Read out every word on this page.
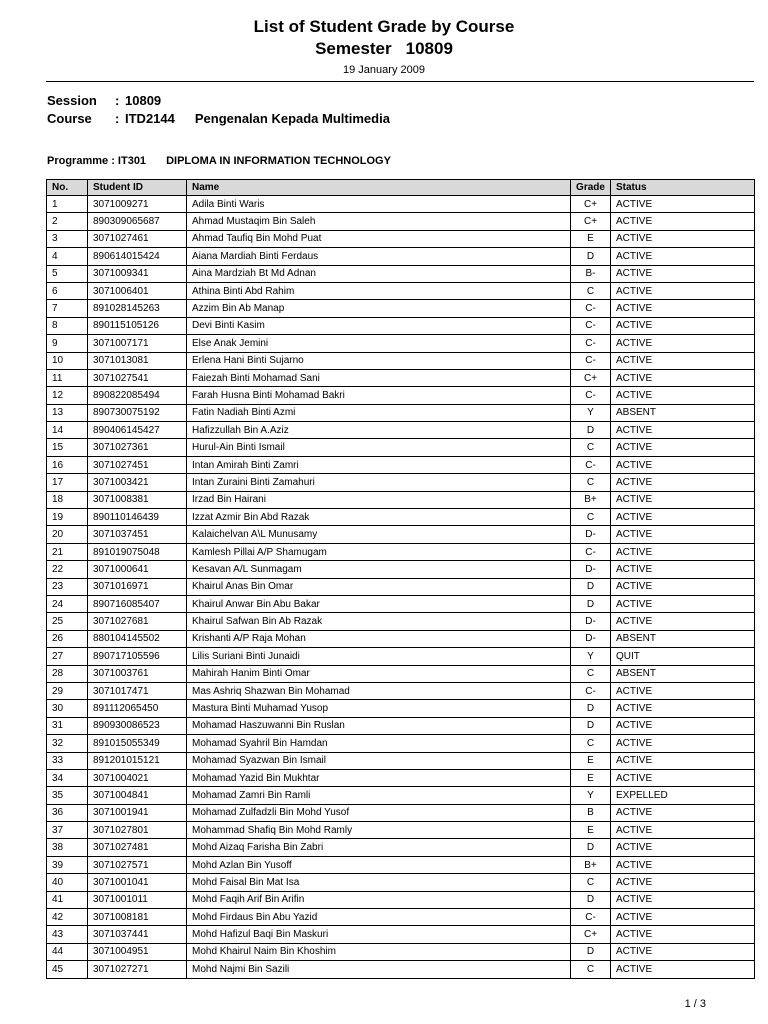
List of Student Grade by Course
Semester 10809
19 January 2009
Session : 10809
Course : ITD2144 Pengenalan Kepada Multimedia
Programme : IT301 DIPLOMA IN INFORMATION TECHNOLOGY
No.	Student ID	Name	Grade	Status
1	3071009271	Adila Binti Waris	C+	ACTIVE
2	890309065687	Ahmad Mustaqim Bin Saleh	C+	ACTIVE
3	3071027461	Ahmad Taufiq Bin Mohd Puat	E	ACTIVE
4	890614015424	Aiana Mardiah Binti Ferdaus	D	ACTIVE
5	3071009341	Aina Mardziah Bt Md Adnan	B-	ACTIVE
6	3071006401	Athina Binti Abd Rahim	C	ACTIVE
7	891028145263	Azzim Bin Ab Manap	C-	ACTIVE
8	890115105126	Devi Binti Kasim	C-	ACTIVE
9	3071007171	Else Anak Jemini	C-	ACTIVE
10	3071013081	Erlena Hani Binti Sujarno	C-	ACTIVE
11	3071027541	Faiezah Binti Mohamad Sani	C+	ACTIVE
12	890822085494	Farah Husna Binti Mohamad Bakri	C-	ACTIVE
13	890730075192	Fatin Nadiah Binti Azmi	Y	ABSENT
14	890406145427	Hafizzullah Bin A.Aziz	D	ACTIVE
15	3071027361	Hurul-Ain Binti Ismail	C	ACTIVE
16	3071027451	Intan Amirah Binti Zamri	C-	ACTIVE
17	3071003421	Intan Zuraini Binti Zamahuri	C	ACTIVE
18	3071008381	Irzad Bin Hairani	B+	ACTIVE
19	890110146439	Izzat Azmir Bin Abd Razak	C	ACTIVE
20	3071037451	Kalaichelvan A\L Munusamy	D-	ACTIVE
21	891019075048	Kamlesh Pillai A/P Shamugam	C-	ACTIVE
22	3071000641	Kesavan A/L Sunmagam	D-	ACTIVE
23	3071016971	Khairul Anas Bin Omar	D	ACTIVE
24	890716085407	Khairul Anwar Bin Abu Bakar	D	ACTIVE
25	3071027681	Khairul Safwan Bin Ab Razak	D-	ACTIVE
26	880104145502	Krishanti A/P Raja Mohan	D-	ABSENT
27	890717105596	Lilis Suriani Binti Junaidi	Y	QUIT
28	3071003761	Mahirah Hanim Binti Omar	C	ABSENT
29	3071017471	Mas Ashriq Shazwan Bin Mohamad	C-	ACTIVE
30	891112065450	Mastura Binti Muhamad Yusop	D	ACTIVE
31	890930086523	Mohamad Haszuwanni Bin Ruslan	D	ACTIVE
32	891015055349	Mohamad Syahril Bin Hamdan	C	ACTIVE
33	891201015121	Mohamad Syazwan Bin Ismail	E	ACTIVE
34	3071004021	Mohamad Yazid Bin Mukhtar	E	ACTIVE
35	3071004841	Mohamad Zamri Bin Ramli	Y	EXPELLED
36	3071001941	Mohamad Zulfadzli Bin Mohd Yusof	B	ACTIVE
37	3071027801	Mohammad Shafiq Bin Mohd Ramly	E	ACTIVE
38	3071027481	Mohd Aizaq Farisha Bin Zabri	D	ACTIVE
39	3071027571	Mohd Azlan Bin Yusoff	B+	ACTIVE
40	3071001041	Mohd Faisal Bin Mat Isa	C	ACTIVE
41	3071001011	Mohd Faqih Arif Bin Arifin	D	ACTIVE
42	3071008181	Mohd Firdaus Bin Abu Yazid	C-	ACTIVE
43	3071037441	Mohd Hafizul Baqi Bin Maskuri	C+	ACTIVE
44	3071004951	Mohd Khairul Naim Bin Khoshim	D	ACTIVE
45	3071027271	Mohd Najmi Bin Sazili	C	ACTIVE
1 / 3
